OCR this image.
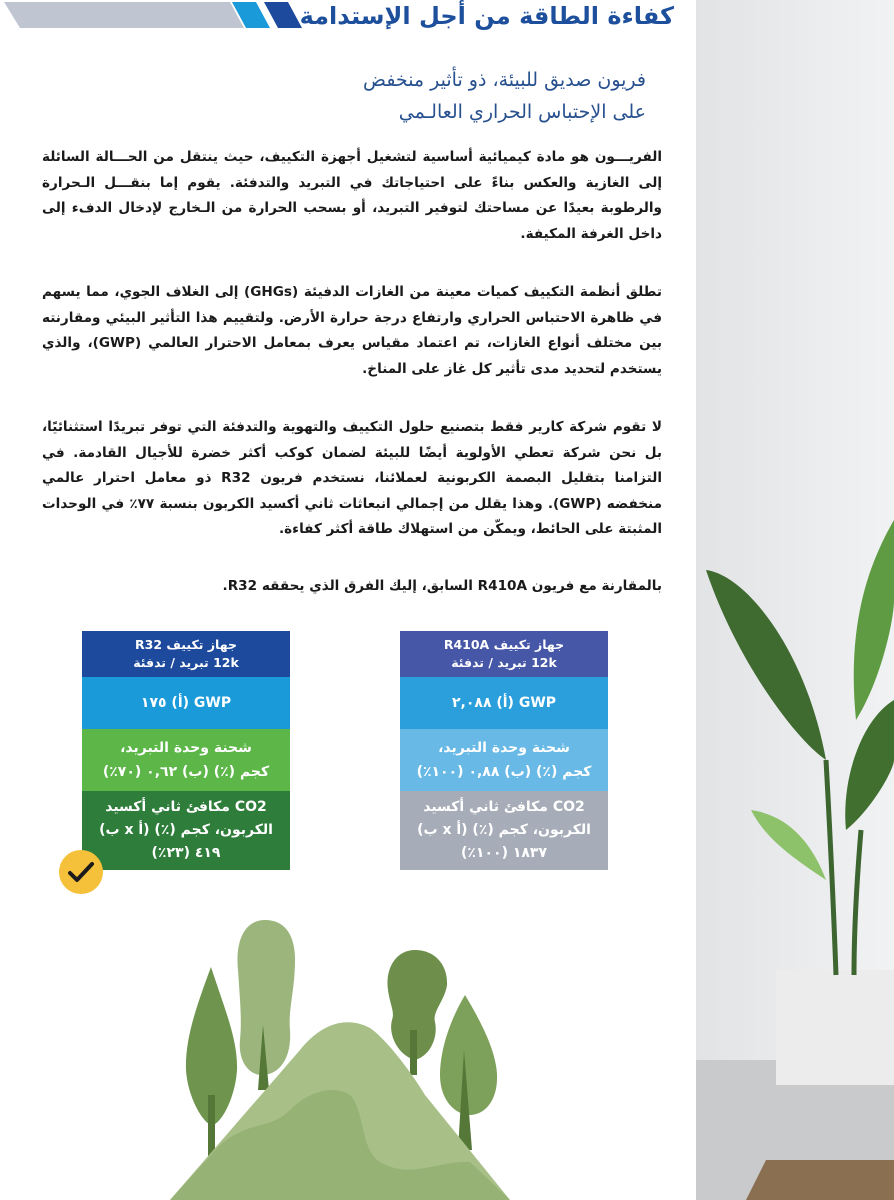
كفاءة الطاقة من أجل الإستدامة
فريون صديق للبيئة، ذو تأثير منخفض
على الإحتباس الحراري العالـمي

الفريـــون هو مادة كيميائية أساسية لتشغيل أجهزة التكييف، حيث ينتقل من الحـــالة السائلة إلى الغازية والعكس بناءً على احتياجاتك في التبريد والتدفئة. يقوم إما بنقـــل الـحرارة والرطوبة بعيدًا عن مساحتك لتوفير التبريد، أو بسحب الحرارة من الـخارج لإدخال الدفء إلى داخل الغرفة المكيفة.

تطلق أنظمة التكييف كميات معينة من الغازات الدفيئة (GHGs) إلى الغلاف الجوي، مما يسهم في ظاهرة الاحتباس الحراري وارتفاع درجة حرارة الأرض. ولتقييم هذا التأثير البيئي ومقارنته بين مختلف أنواع الغازات، تم اعتماد مقياس يعرف بمعامل الاحترار العالمي (GWP)، والذي يستخدم لتحديد مدى تأثير كل غاز على المناخ.

لا تقوم شركة كارير فقط بتصنيع حلول التكييف والتهوية والتدفئة التي توفر تبريدًا استثنائيًا، بل نحن شركة تعطي الأولوية أيضًا للبيئة لضمان كوكب أكثر خضرة للأجيال القادمة. في التزامنا بتقليل البصمة الكربونية لعملائنا، نستخدم فريون R32 ذو معامل احترار عالمي منخفضه (GWP). وهذا يقلل من إجمالي انبعاثات ثاني أكسيد الكربون بنسبة ٧٧٪ في الوحدات المثبتة على الحائط، ويمكّن من استهلاك طاقة أكثر كفاءة.

بالمقارنة مع فريون R410A السابق، إليك الفرق الذي يحققه R32.
جهاز تكييف R410A
12k تبريد / تدفئة
GWP (أ) ٢,٠٨٨
شحنة وحدة التبريد،
كجم (٪) (ب) ٠,٨٨ (١٠٠٪)
CO2 مكافئ ثاني أكسيد
الكربون، كجم (٪) (أ x ب)
١٨٣٧ (١٠٠٪)
جهاز تكييف R32
12k تبريد / تدفئة
GWP (أ) ١٧٥
شحنة وحدة التبريد،
كجم (٪) (ب) ٠,٦٢ (٧٠٪)
CO2 مكافئ ثاني أكسيد
الكربون، كجم (٪) (أ x ب)
٤١٩ (٢٣٪)
